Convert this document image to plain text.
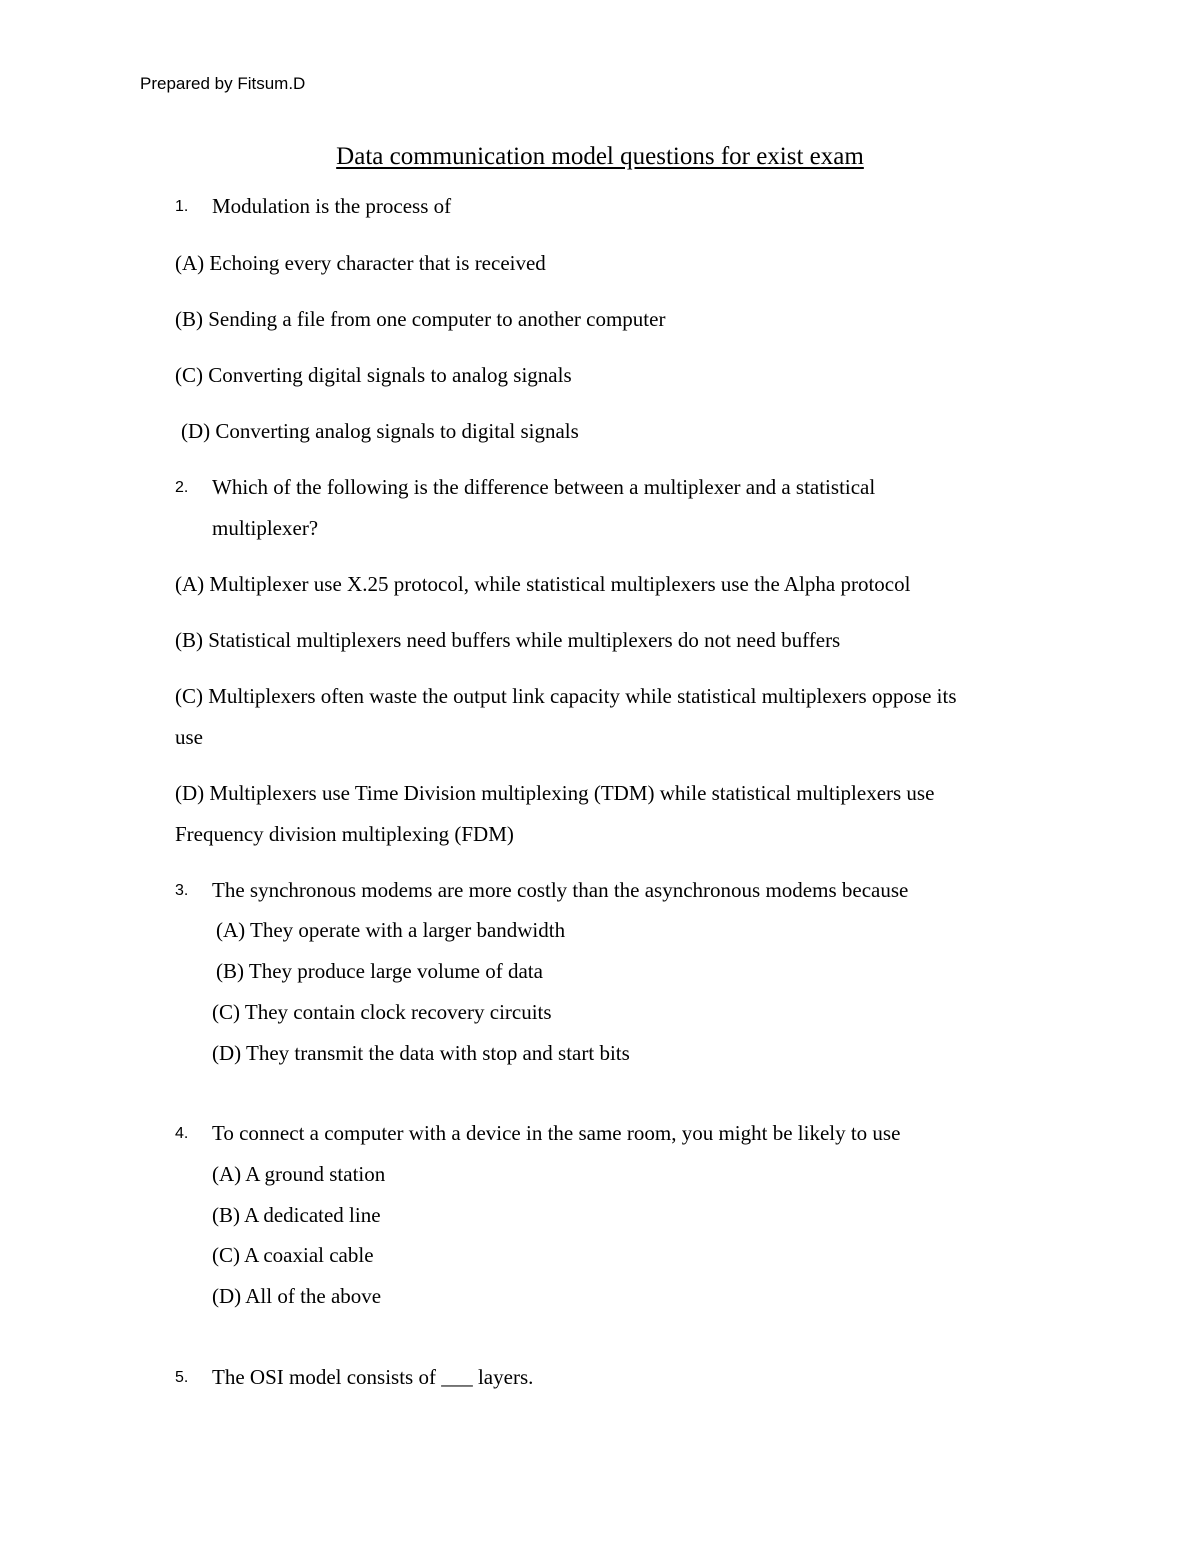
Prepared by Fitsum.D
Data communication model questions for exist exam
1. Modulation is the process of
(A) Echoing every character that is received
(B) Sending a file from one computer to another computer
(C) Converting digital signals to analog signals
(D) Converting analog signals to digital signals
2. Which of the following is the difference between a multiplexer and a statistical
multiplexer?
(A) Multiplexer use X.25 protocol, while statistical multiplexers use the Alpha protocol
(B) Statistical multiplexers need buffers while multiplexers do not need buffers
(C) Multiplexers often waste the output link capacity while statistical multiplexers oppose its
use
(D) Multiplexers use Time Division multiplexing (TDM) while statistical multiplexers use
Frequency division multiplexing (FDM)
3. The synchronous modems are more costly than the asynchronous modems because
(A) They operate with a larger bandwidth
(B) They produce large volume of data
(C) They contain clock recovery circuits
(D) They transmit the data with stop and start bits
4. To connect a computer with a device in the same room, you might be likely to use
(A) A ground station
(B) A dedicated line
(C) A coaxial cable
(D) All of the above
5. The OSI model consists of ___ layers.
